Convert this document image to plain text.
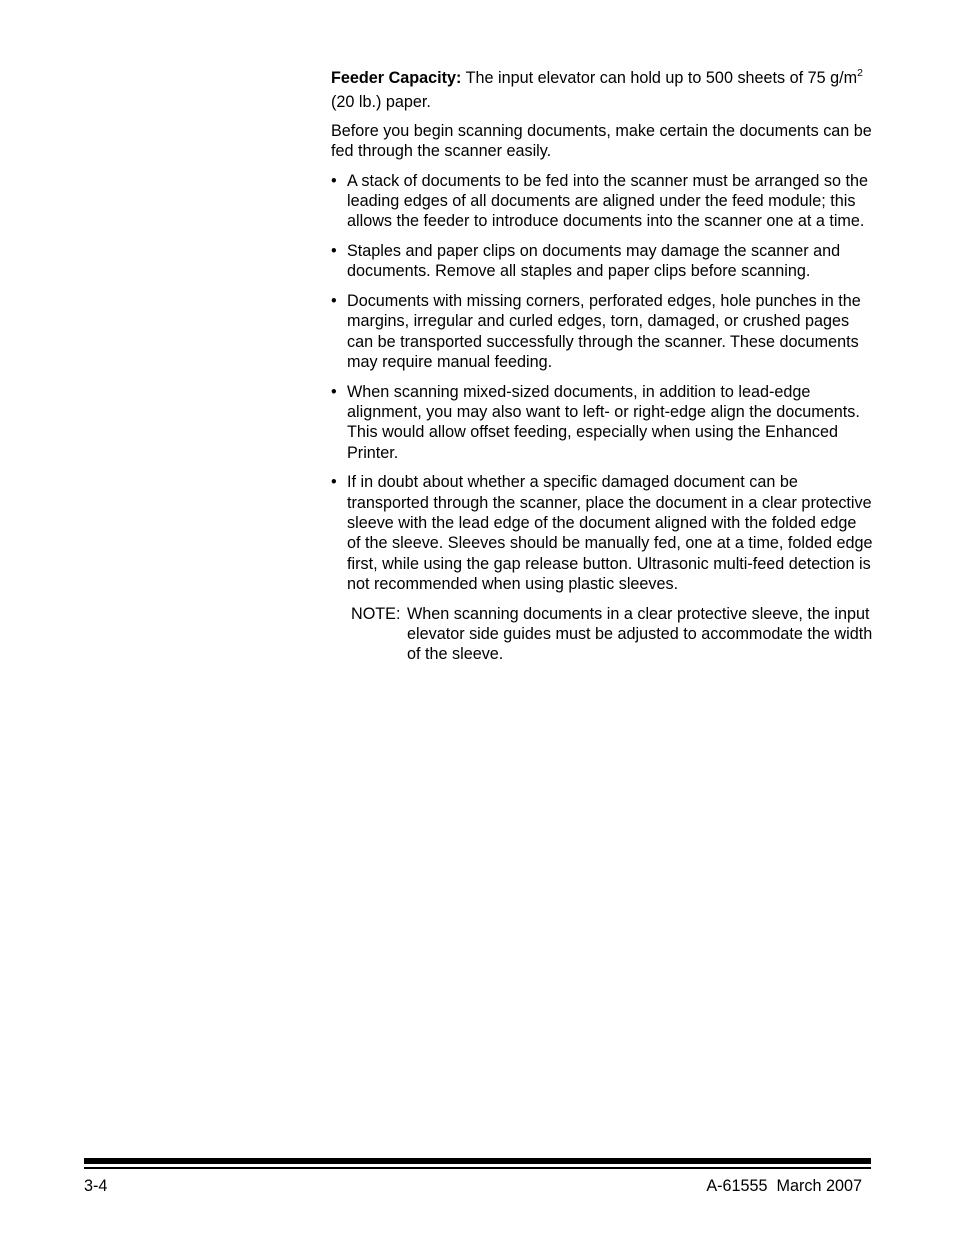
Feeder Capacity: The input elevator can hold up to 500 sheets of 75 $g/m^2$ (20 lb.) paper.

Before you begin scanning documents, make certain the documents can be fed through the scanner easily.

• A stack of documents to be fed into the scanner must be arranged so the leading edges of all documents are aligned under the feed module; this allows the feeder to introduce documents into the scanner one at a time.
• Staples and paper clips on documents may damage the scanner and documents. Remove all staples and paper clips before scanning.
• Documents with missing corners, perforated edges, hole punches in the margins, irregular and curled edges, torn, damaged, or crushed pages can be transported successfully through the scanner. These documents may require manual feeding.
• When scanning mixed-sized documents, in addition to lead-edge alignment, you may also want to left- or right-edge align the documents. This would allow offset feeding, especially when using the Enhanced Printer.
• If in doubt about whether a specific damaged document can be transported through the scanner, place the document in a clear protective sleeve with the lead edge of the document aligned with the folded edge of the sleeve. Sleeves should be manually fed, one at a time, folded edge first, while using the gap release button. Ultrasonic multi-feed detection is not recommended when using plastic sleeves.
NOTE: When scanning documents in a clear protective sleeve, the input elevator side guides must be adjusted to accommodate the width of the sleeve.
3-4	A-61555  March 2007
